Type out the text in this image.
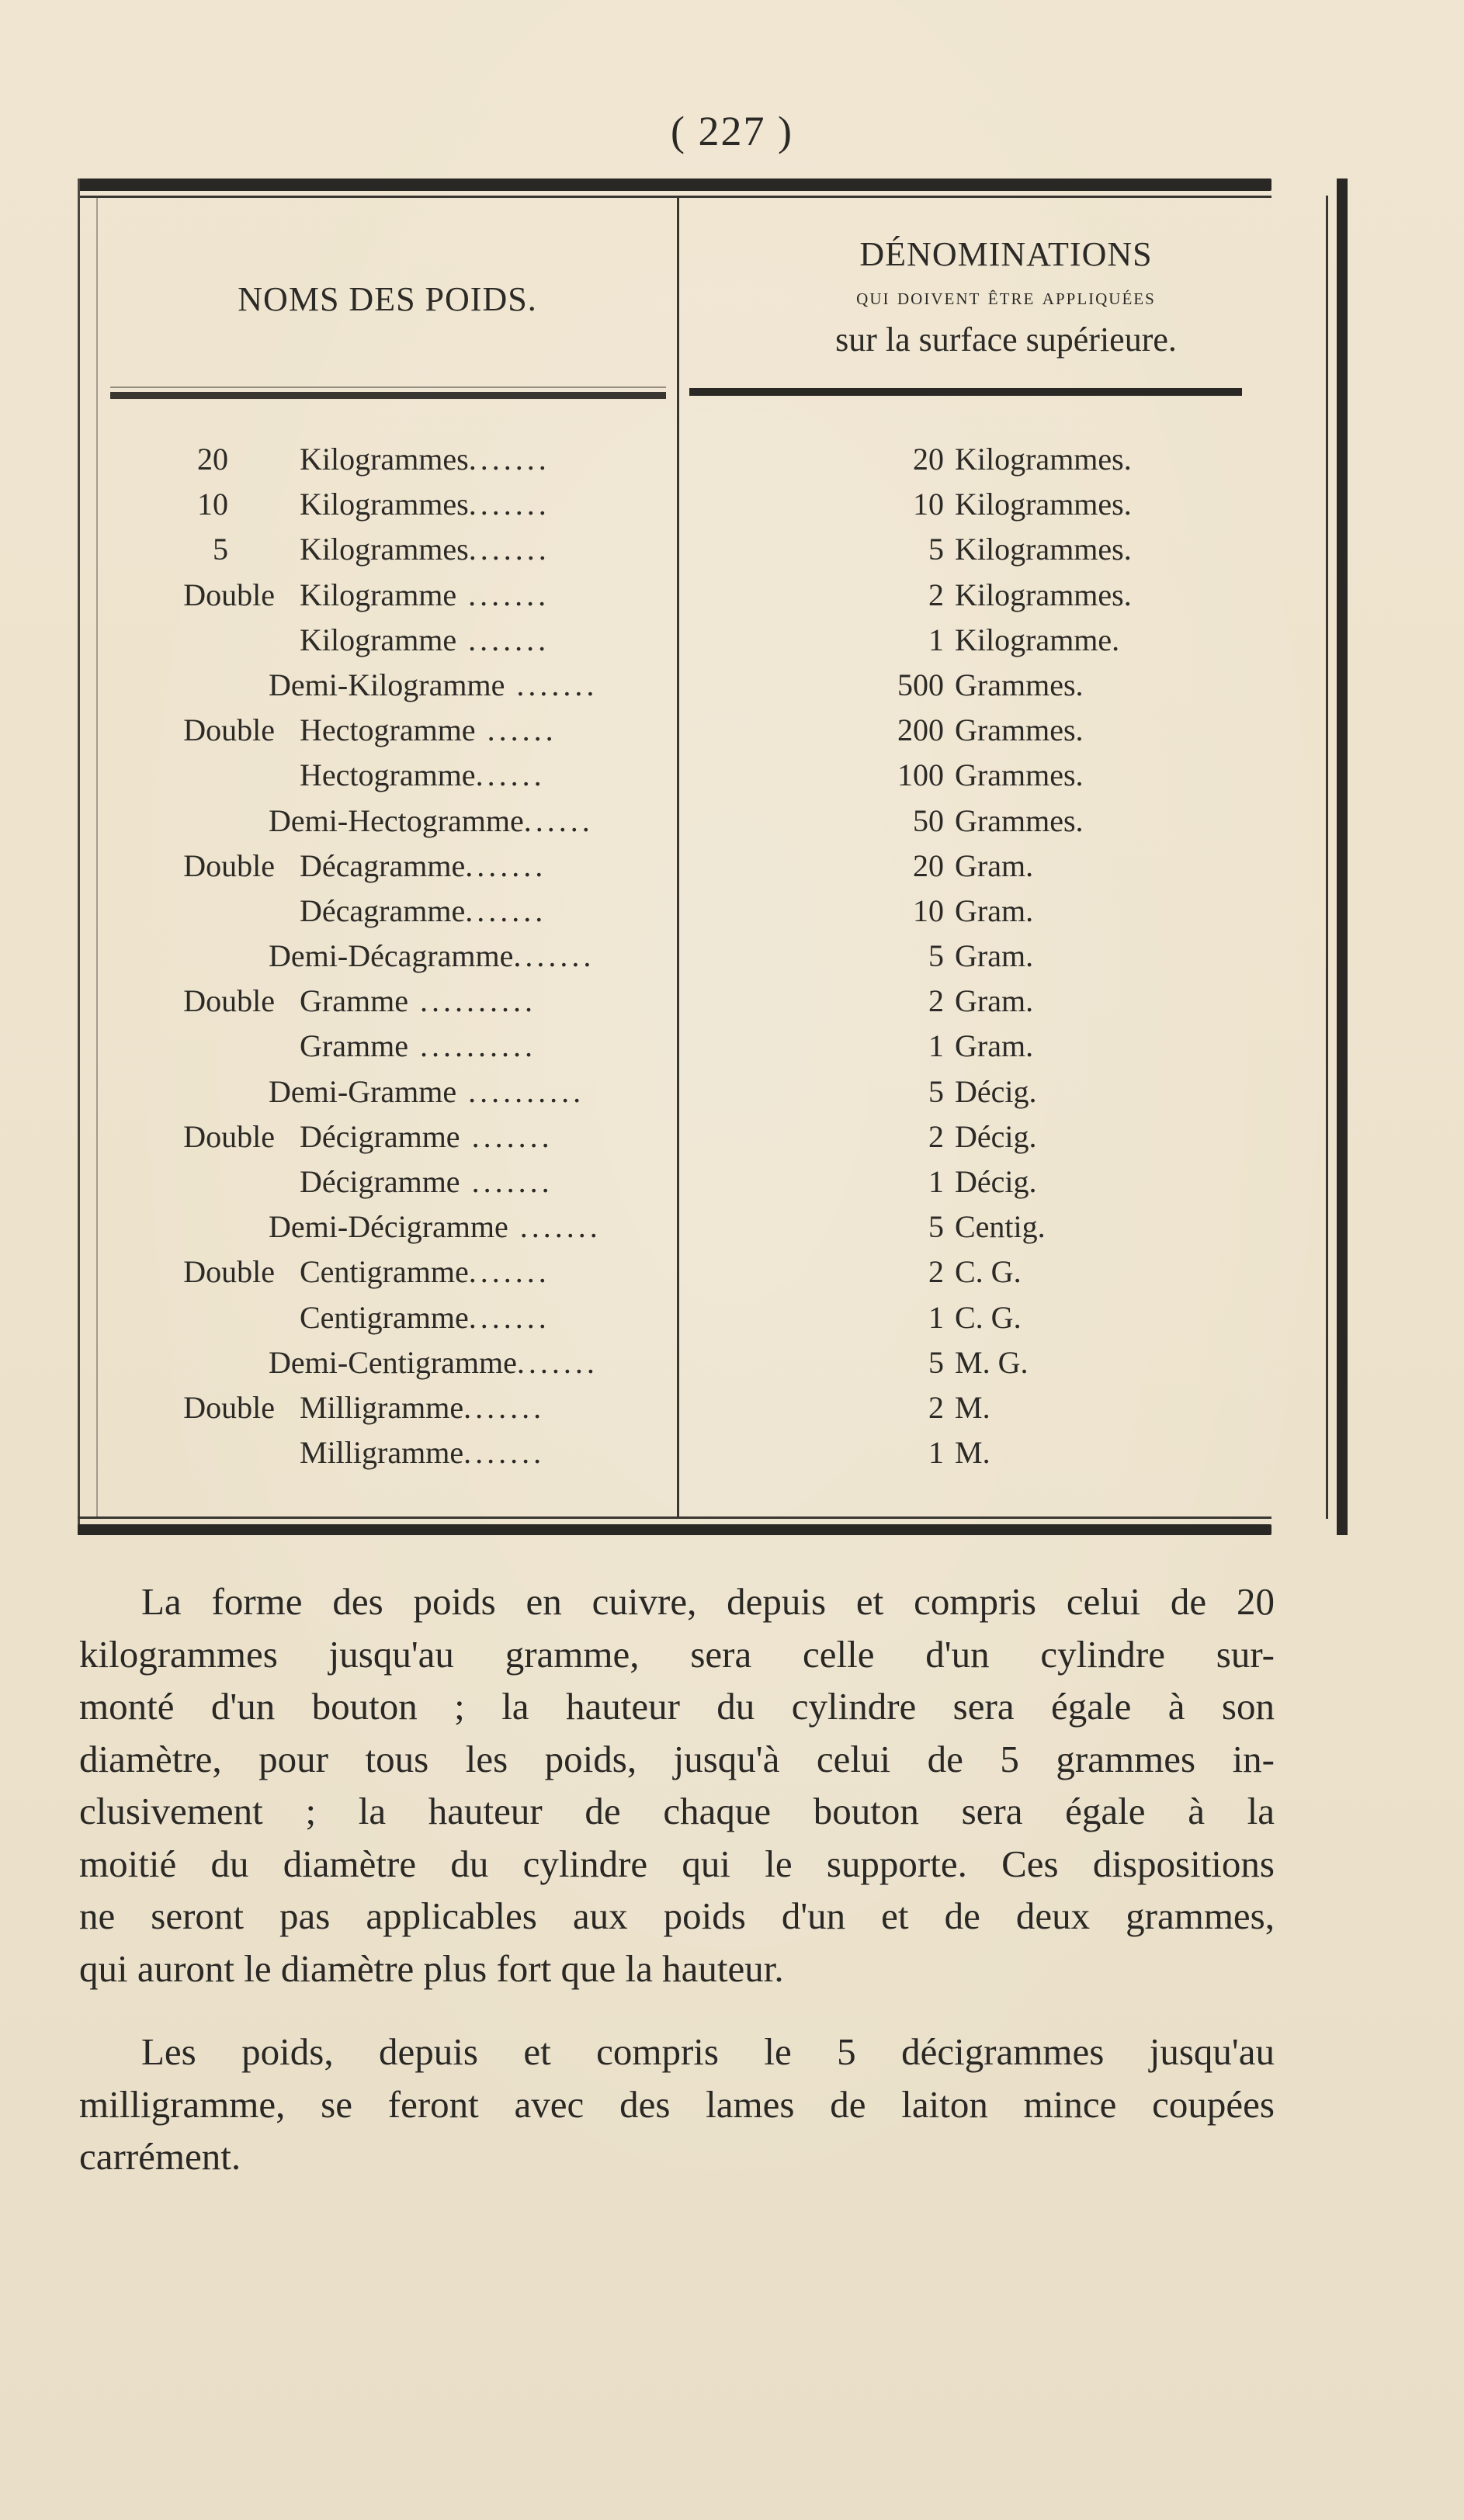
( 227 )
NOMS DES POIDS.

DÉNOMINATIONS

qui doivent être appliquées

sur la surface supérieure.

20 Kilogrammes.......	20 Kilogrammes.
10 Kilogrammes.......	10 Kilogrammes.
5 Kilogrammes.......	5 Kilogrammes.
Double Kilogramme .......	2 Kilogrammes.
Kilogramme .......	1 Kilogramme.
Demi-Kilogramme .......	500 Grammes.
Double Hectogramme ......	200 Grammes.
Hectogramme......	100 Grammes.
Demi-Hectogramme......	50 Grammes.
Double Décagramme.......	20 Gram.
Décagramme.......	10 Gram.
Demi-Décagramme.......	5 Gram.
Double Gramme ..........	2 Gram.
Gramme ..........	1 Gram.
Demi-Gramme ..........	5 Décig.
Double Décigramme .......	2 Décig.
Décigramme .......	1 Décig.
Demi-Décigramme .......	5 Centig.
Double Centigramme.......	2 C. G.
Centigramme.......	1 C. G.
Demi-Centigramme.......	5 M. G.
Double Milligramme.......	2 M.
Milligramme.......	1 M.
La forme des poids en cuivre, depuis et compris celui de 20
kilogrammes jusqu'au gramme, sera celle d'un cylindre sur-
monté d'un bouton ; la hauteur du cylindre sera égale à son
diamètre, pour tous les poids, jusqu'à celui de 5 grammes in-
clusivement ; la hauteur de chaque bouton sera égale à la
moitié du diamètre du cylindre qui le supporte. Ces dispositions
ne seront pas applicables aux poids d'un et de deux grammes,
qui auront le diamètre plus fort que la hauteur.
Les poids, depuis et compris le 5 décigrammes jusqu'au
milligramme, se feront avec des lames de laiton mince coupées
carrément.
